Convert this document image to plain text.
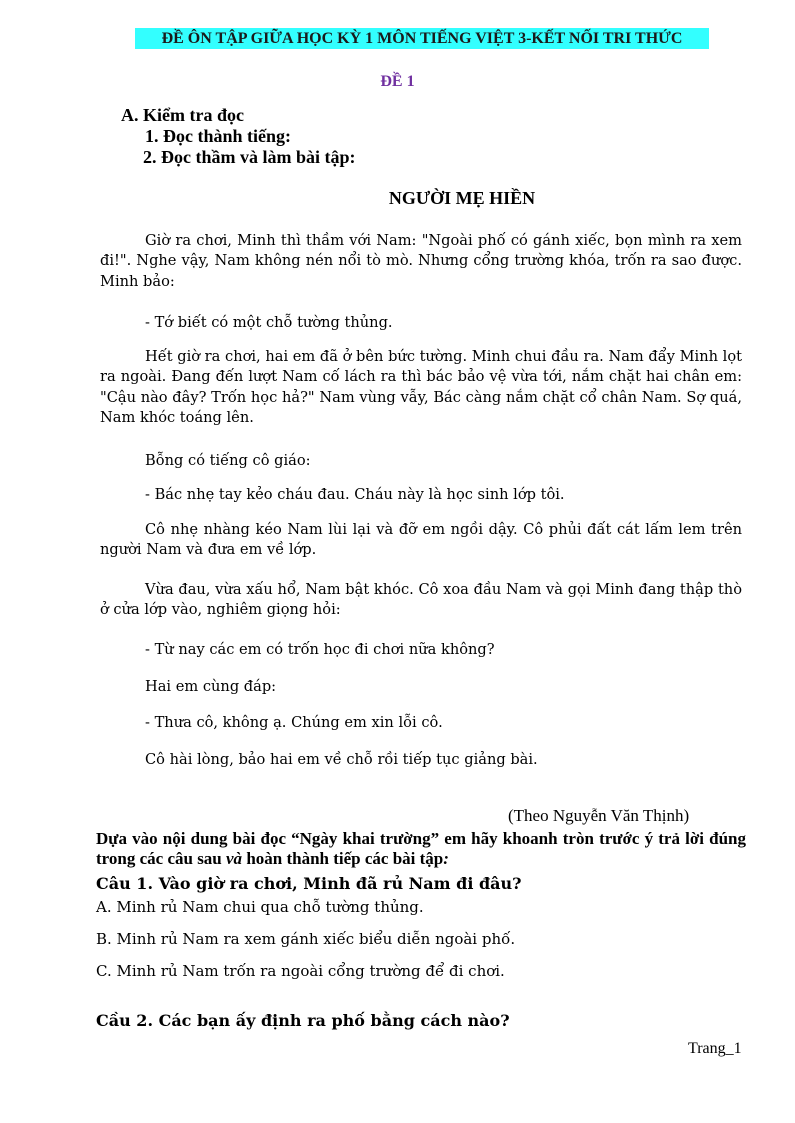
ĐỀ ÔN TẬP GIỮA HỌC KỲ 1 MÔN TIẾNG VIỆT 3-KẾT NỐI TRI THỨC
ĐỀ 1
A. Kiểm tra đọc
1. Đọc thành tiếng:
2. Đọc thầm và làm bài tập:
NGƯỜI MẸ HIỀN

Giờ ra chơi, Minh thì thầm với Nam: "Ngoài phố có gánh xiếc, bọn mình ra xem đi!". Nghe vậy, Nam không nén nổi tò mò. Nhưng cổng trường khóa, trốn ra sao được. Minh bảo:

- Tớ biết có một chỗ tường thủng.

Hết giờ ra chơi, hai em đã ở bên bức tường. Minh chui đầu ra. Nam đẩy Minh lọt ra ngoài. Đang đến lượt Nam cố lách ra thì bác bảo vệ vừa tới, nắm chặt hai chân em: "Cậu nào đây? Trốn học hả?" Nam vùng vẫy, Bác càng nắm chặt cổ chân Nam. Sợ quá, Nam khóc toáng lên.

Bỗng có tiếng cô giáo:

- Bác nhẹ tay kẻo cháu đau. Cháu này là học sinh lớp tôi.

Cô nhẹ nhàng kéo Nam lùi lại và đỡ em ngồi dậy. Cô phủi đất cát lấm lem trên người Nam và đưa em về lớp.

Vừa đau, vừa xấu hổ, Nam bật khóc. Cô xoa đầu Nam và gọi Minh đang thập thò ở cửa lớp vào, nghiêm giọng hỏi:

- Từ nay các em có trốn học đi chơi nữa không?

Hai em cùng đáp:

- Thưa cô, không ạ. Chúng em xin lỗi cô.

Cô hài lòng, bảo hai em về chỗ rồi tiếp tục giảng bài.

(Theo Nguyễn Văn Thịnh)

Dựa vào nội dung bài đọc “Ngày khai trường” em hãy khoanh tròn trước ý trả lời đúng trong các câu sau và hoàn thành tiếp các bài tập:

Câu 1. Vào giờ ra chơi, Minh đã rủ Nam đi đâu?
A. Minh rủ Nam chui qua chỗ tường thủng.
B. Minh rủ Nam ra xem gánh xiếc biểu diễn ngoài phố.
C. Minh rủ Nam trốn ra ngoài cổng trường để đi chơi.
Cầu 2. Các bạn ấy định ra phố bằng cách nào?
Trang_1
